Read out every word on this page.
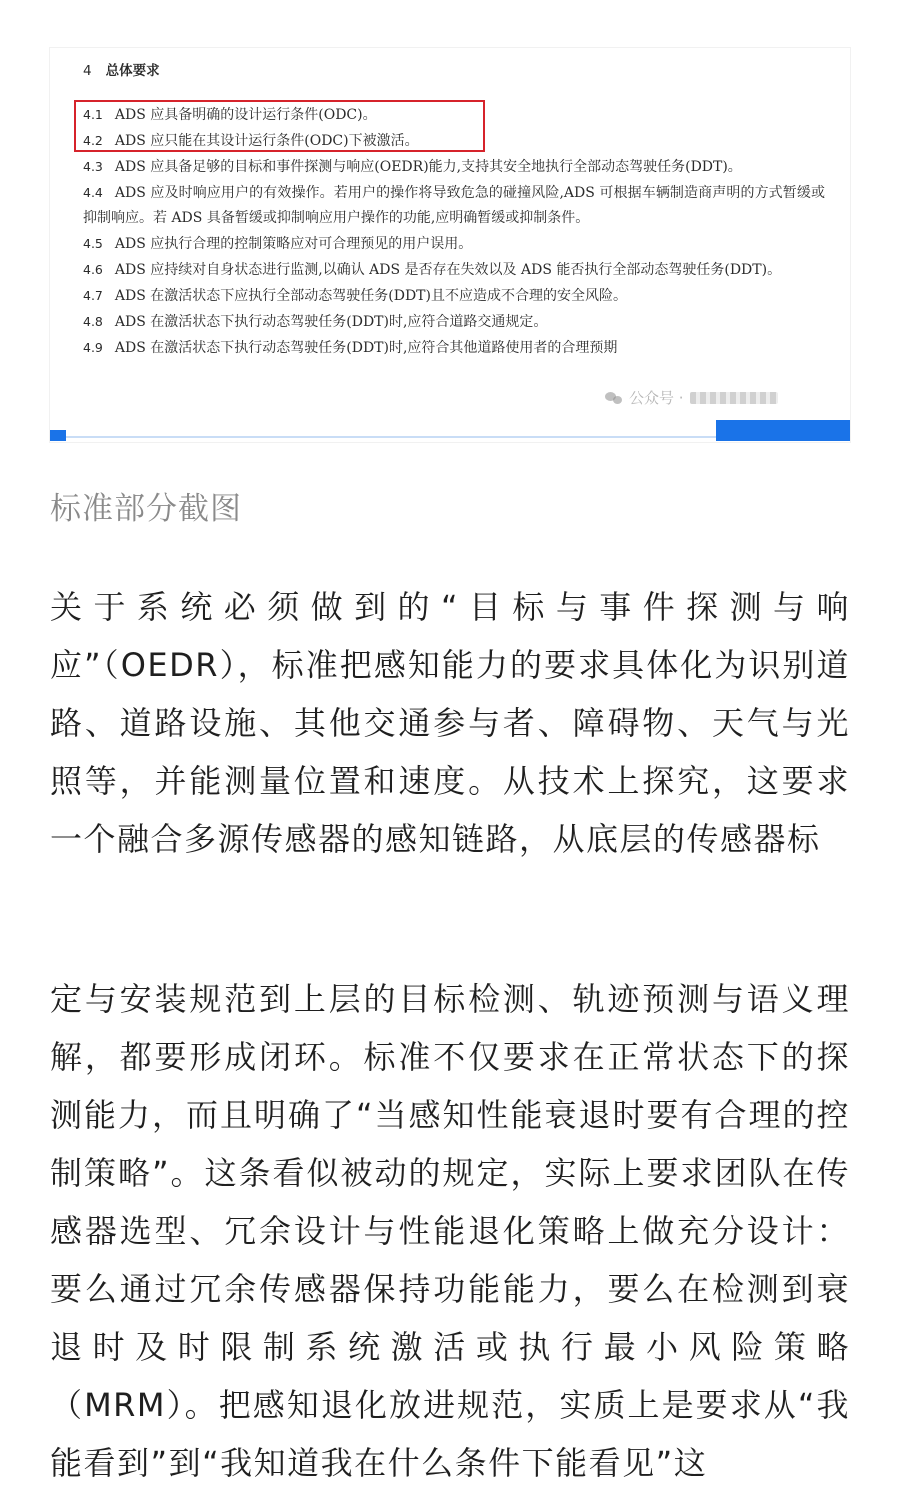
4 总体要求
4.1 ADS 应具备明确的设计运行条件(ODC)。
4.2 ADS 应只能在其设计运行条件(ODC)下被激活。
4.3 ADS 应具备足够的目标和事件探测与响应(OEDR)能力,支持其安全地执行全部动态驾驶任务(DDT)。
4.4 ADS 应及时响应用户的有效操作。若用户的操作将导致危急的碰撞风险,ADS 可根据车辆制造商声明的方式暂缓或抑制响应。若 ADS 具备暂缓或抑制响应用户操作的功能,应明确暂缓或抑制条件。
4.5 ADS 应执行合理的控制策略应对可合理预见的用户误用。
4.6 ADS 应持续对自身状态进行监测,以确认 ADS 是否存在失效以及 ADS 能否执行全部动态驾驶任务(DDT)。
4.7 ADS 在激活状态下应执行全部动态驾驶任务(DDT)且不应造成不合理的安全风险。
4.8 ADS 在激活状态下执行动态驾驶任务(DDT)时,应符合道路交通规定。
4.9 ADS 在激活状态下执行动态驾驶任务(DDT)时,应符合其他道路使用者的合理预期
公众号 ·
标准部分截图
关于系统必须做到的“目标与事件探测与响应”（OEDR），标准把感知能力的要求具体化为识别道路、道路设施、其他交通参与者、障碍物、天气与光照等，并能测量位置和速度。从技术上探究，这要求一个融合多源传感器的感知链路，从底层的传感器标
定与安装规范到上层的目标检测、轨迹预测与语义理解，都要形成闭环。标准不仅要求在正常状态下的探测能力，而且明确了“当感知性能衰退时要有合理的控制策略”。这条看似被动的规定，实际上要求团队在传感器选型、冗余设计与性能退化策略上做充分设计：要么通过冗余传感器保持功能能力，要么在检测到衰退时及时限制系统激活或执行最小风险策略（MRM）。把感知退化放进规范，实质上是要求从“我能看到”到“我知道我在什么条件下能看见”这
